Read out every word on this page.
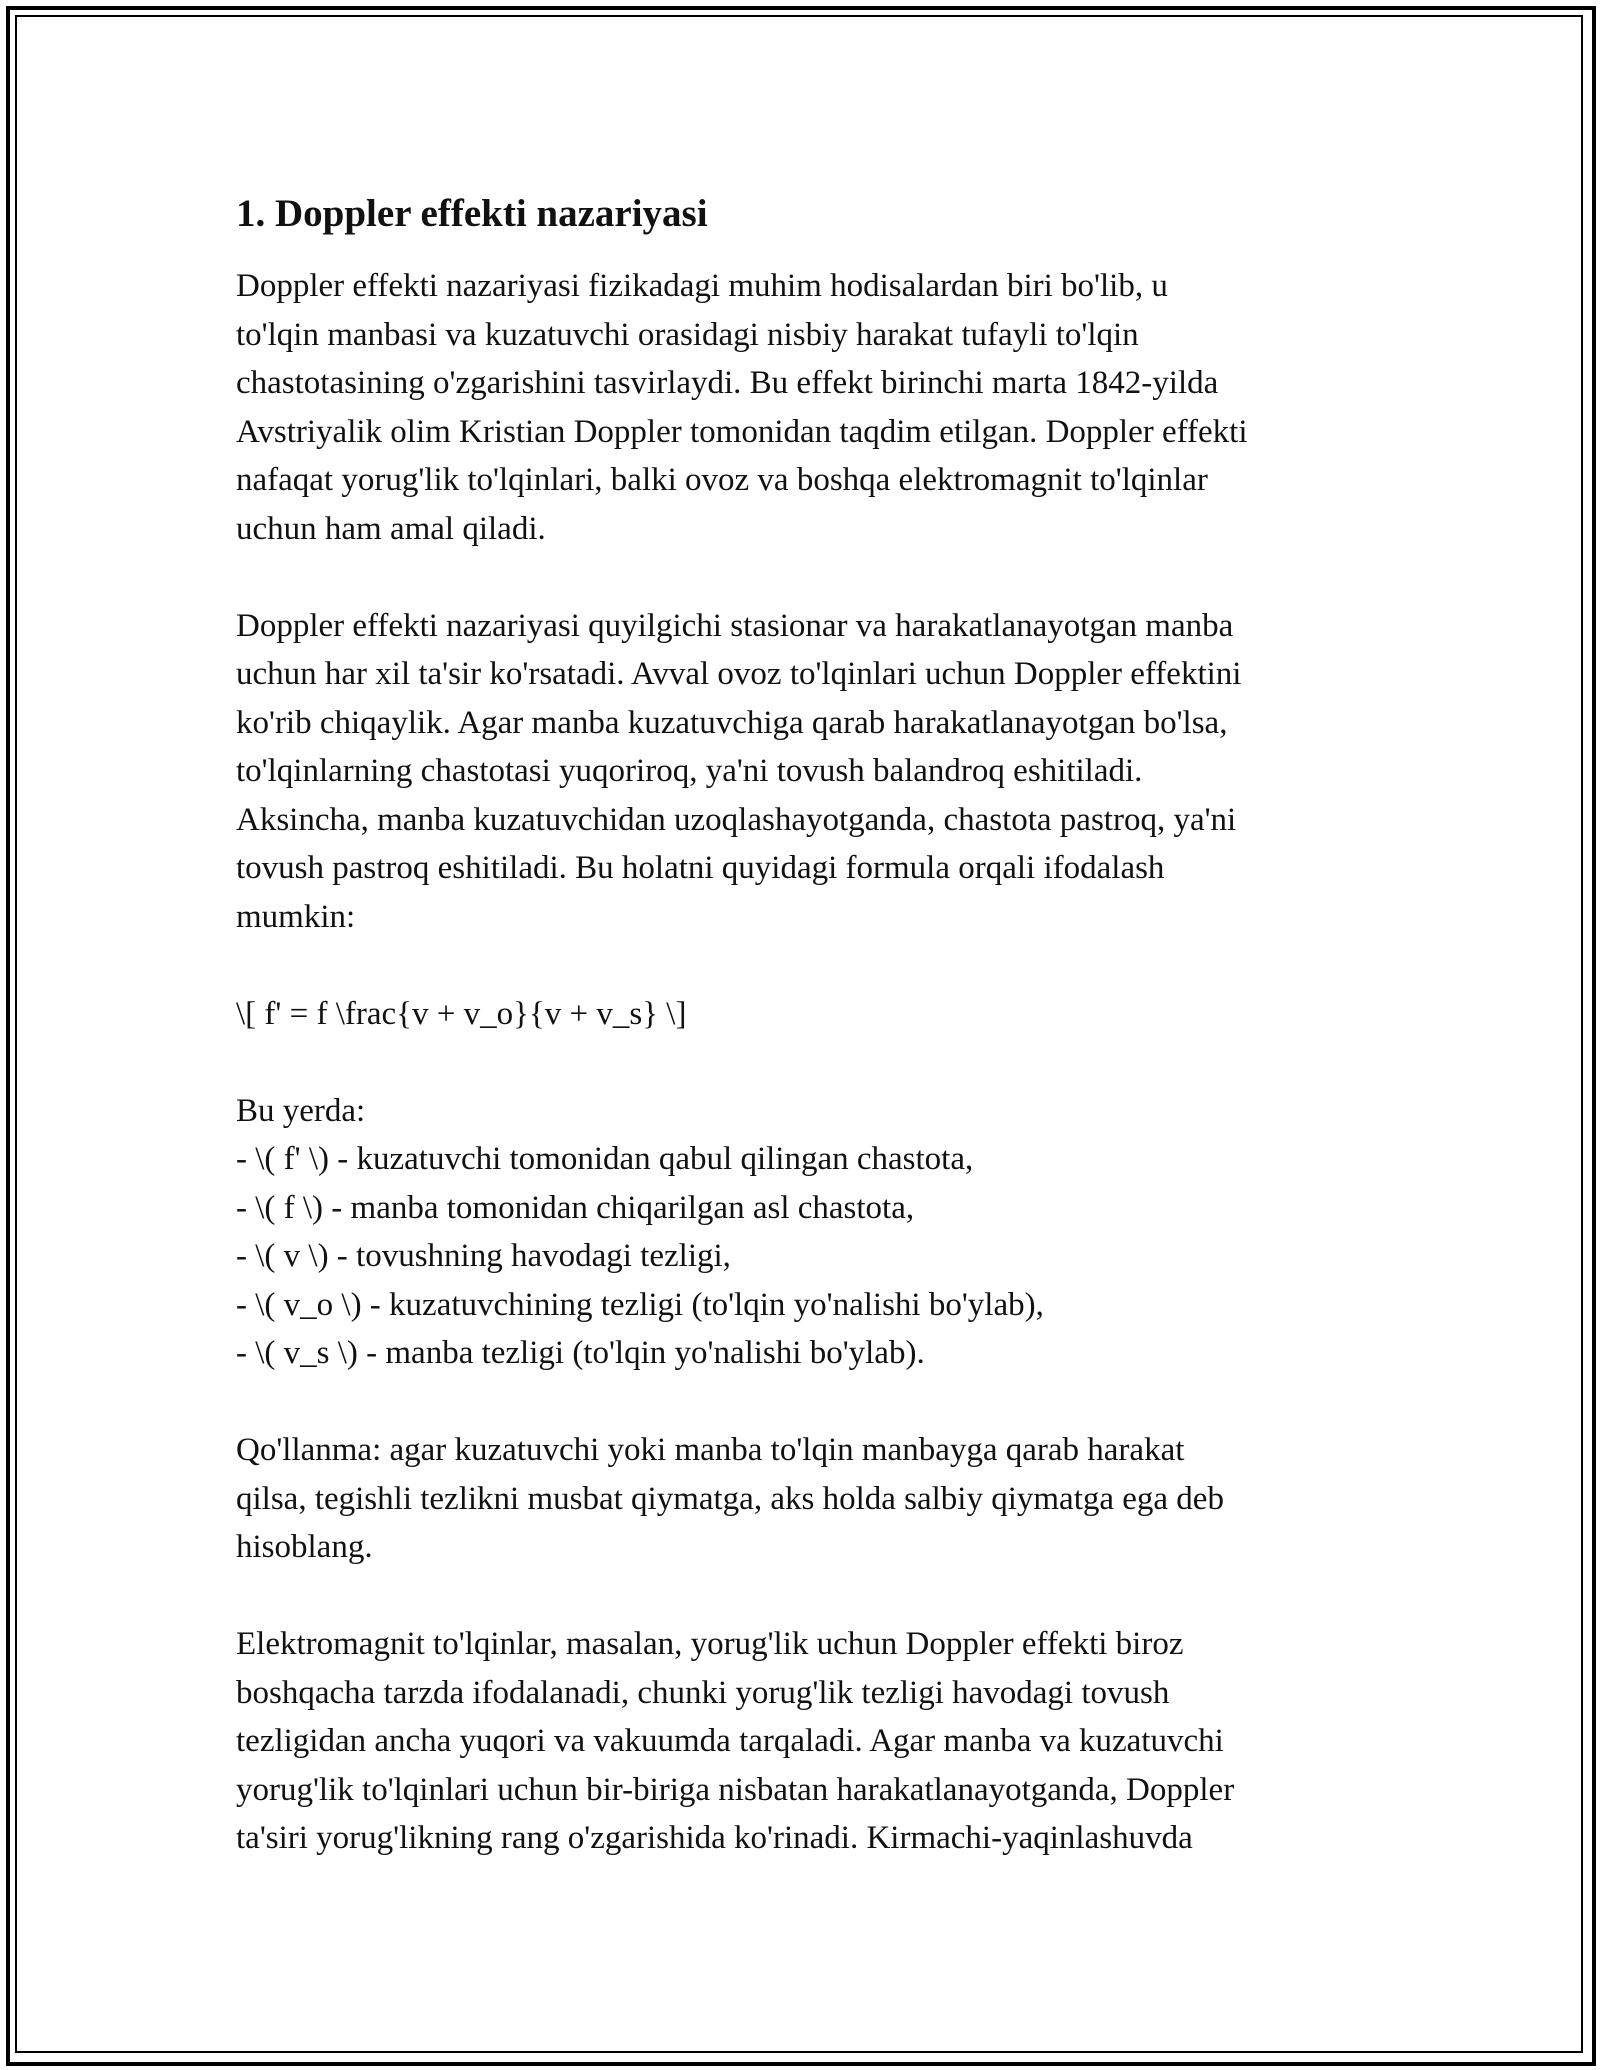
1. Doppler effekti nazariyasi

Doppler effekti nazariyasi fizikadagi muhim hodisalardan biri bo'lib, u
to'lqin manbasi va kuzatuvchi orasidagi nisbiy harakat tufayli to'lqin
chastotasining o'zgarishini tasvirlaydi. Bu effekt birinchi marta 1842-yilda
Avstriyalik olim Kristian Doppler tomonidan taqdim etilgan. Doppler effekti
nafaqat yorug'lik to'lqinlari, balki ovoz va boshqa elektromagnit to'lqinlar
uchun ham amal qiladi.

Doppler effekti nazariyasi quyilgichi stasionar va harakatlanayotgan manba
uchun har xil ta'sir ko'rsatadi. Avval ovoz to'lqinlari uchun Doppler effektini
ko'rib chiqaylik. Agar manba kuzatuvchiga qarab harakatlanayotgan bo'lsa,
to'lqinlarning chastotasi yuqoriroq, ya'ni tovush balandroq eshitiladi.
Aksincha, manba kuzatuvchidan uzoqlashayotganda, chastota pastroq, ya'ni
tovush pastroq eshitiladi. Bu holatni quyidagi formula orqali ifodalash
mumkin:

\[ f' = f \frac{v + v_o}{v + v_s} \]

Bu yerda:
- \( f' \) - kuzatuvchi tomonidan qabul qilingan chastota,
- \( f \) - manba tomonidan chiqarilgan asl chastota,
- \( v \) - tovushning havodagi tezligi,
- \( v_o \) - kuzatuvchining tezligi (to'lqin yo'nalishi bo'ylab),
- \( v_s \) - manba tezligi (to'lqin yo'nalishi bo'ylab).

Qo'llanma: agar kuzatuvchi yoki manba to'lqin manbayga qarab harakat
qilsa, tegishli tezlikni musbat qiymatga, aks holda salbiy qiymatga ega deb
hisoblang.

Elektromagnit to'lqinlar, masalan, yorug'lik uchun Doppler effekti biroz
boshqacha tarzda ifodalanadi, chunki yorug'lik tezligi havodagi tovush
tezligidan ancha yuqori va vakuumda tarqaladi. Agar manba va kuzatuvchi
yorug'lik to'lqinlari uchun bir-biriga nisbatan harakatlanayotganda, Doppler
ta'siri yorug'likning rang o'zgarishida ko'rinadi. Kirmachi-yaqinlashuvda
